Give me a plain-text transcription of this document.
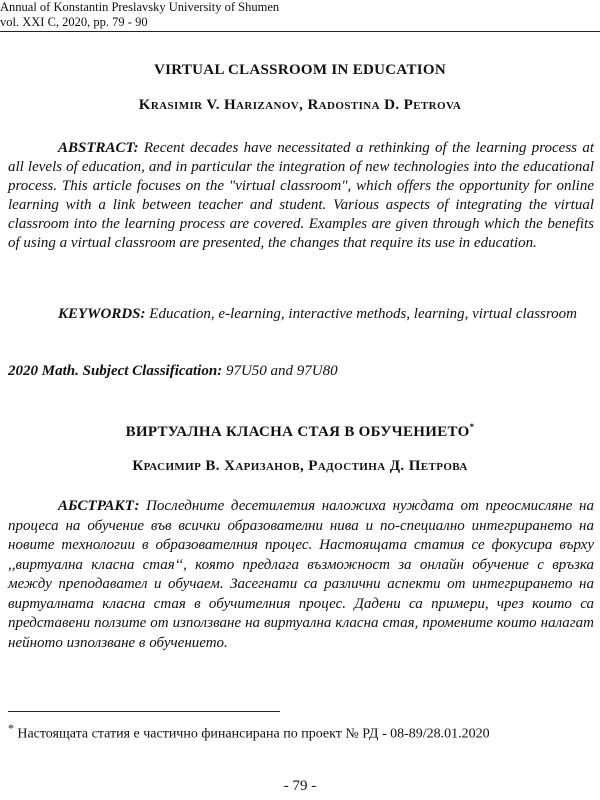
Annual of Konstantin Preslavsky University of Shumen
vol. XXI C, 2020, pp. 79 - 90
VIRTUAL CLASSROOM IN EDUCATION
Krasimir V. Harizanov, Radostina D. Petrova
ABSTRACT: Recent decades have necessitated a rethinking of the learning process at all levels of education, and in particular the integration of new technologies into the educational process. This article focuses on the "virtual classroom", which offers the opportunity for online learning with a link between teacher and student. Various aspects of integrating the virtual classroom into the learning process are covered. Examples are given through which the benefits of using a virtual classroom are presented, the changes that require its use in education.
KEYWORDS: Education, e-learning, interactive methods, learning, virtual classroom
2020 Math. Subject Classification: 97U50 and 97U80
ВИРТУАЛНА КЛАСНА СТАЯ В ОБУЧЕНИЕТО*
Красимир В. Харизанов, Радостина Д. Петрова
АБСТРАКТ: Последните десетилетия наложиха нуждата от преосмисляне на процеса на обучение във всички образователни нива и по-специално интегрирането на новите технологии в образователния процес. Настоящата статия се фокусира върху ,,виртуална класна стая‘‘, която предлага възможност за онлайн обучение с връзка между преподавател и обучаем. Засегнати са различни аспекти от интегрирането на виртуалната класна стая в обучителния процес. Дадени са примери, чрез които са представени ползите от използване на виртуална класна стая, промените които налагат нейното използване в обучението.
* Настоящата статия е частично финансирана по проект № РД - 08-89/28.01.2020
- 79 -
